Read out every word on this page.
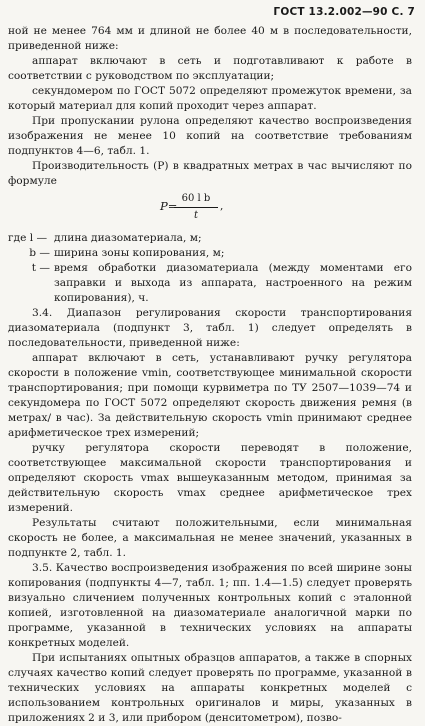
ГОСТ 13.2.002—90 С. 7

ной не менее 764 мм и длиной не более 40 м в последовательности, приведенной ниже:

аппарат включают в сеть и подготавливают к работе в соответствии с руководством по эксплуатации;

секундомером по ГОСТ 5072 определяют промежуток времени, за который материал для копий проходит через аппарат.

При пропускании рулона определяют качество воспроизведения изображения не менее 10 копий на соответствие требованиям подпунктов 4—6, табл. 1.

Производительность (P) в квадратных метрах в час вычисляют по формуле

P=
$\frac{\text{60 l b}}{t}$ ,
где l — длина диазоматериала, м;
b — ширина зоны копирования, м;
t — время обработки диазоматериала (между моментами его заправки и выхода из аппарата, настроенного на режим копирования), ч.

3.4. Диапазон регулирования скорости транспортирования диазоматериала (подпункт 3, табл. 1) следует определять в последовательности, приведенной ниже:

аппарат включают в сеть, устанавливают ручку регулятора скорости в положение vmin, соответствующее минимальной скорости транспортирования; при помощи курвиметра по ТУ 2507—1039—74 и секундомера по ГОСТ 5072 определяют скорость движения ремня (в метрах/ в час). За действительную скорость vmin принимают среднее арифметическое трех измерений;

ручку регулятора скорости переводят в положение, соответствующее максимальной скорости транспортирования и определяют скорость vmax вышеуказанным методом, принимая за действительную скорость vmax среднее арифметическое трех измерений.

Результаты считают положительными, если минимальная скорость не более, а максимальная не менее значений, указанных в подпункте 2, табл. 1.

3.5. Качество воспроизведения изображения по всей ширине зоны копирования (подпункты 4—7, табл. 1; пп. 1.4—1.5) следует проверять визуально сличением полученных контрольных копий с эталонной копией, изготовленной на диазоматериале аналогичной марки по программе, указанной в технических условиях на аппараты конкретных моделей.

При испытаниях опытных образцов аппаратов, а также в спорных случаях качество копий следует проверять по программе, указанной в технических условиях на аппараты конкретных моделей с использованием контрольных оригиналов и миры, указанных в приложениях 2 и 3, или прибором (денситометром), позво-
